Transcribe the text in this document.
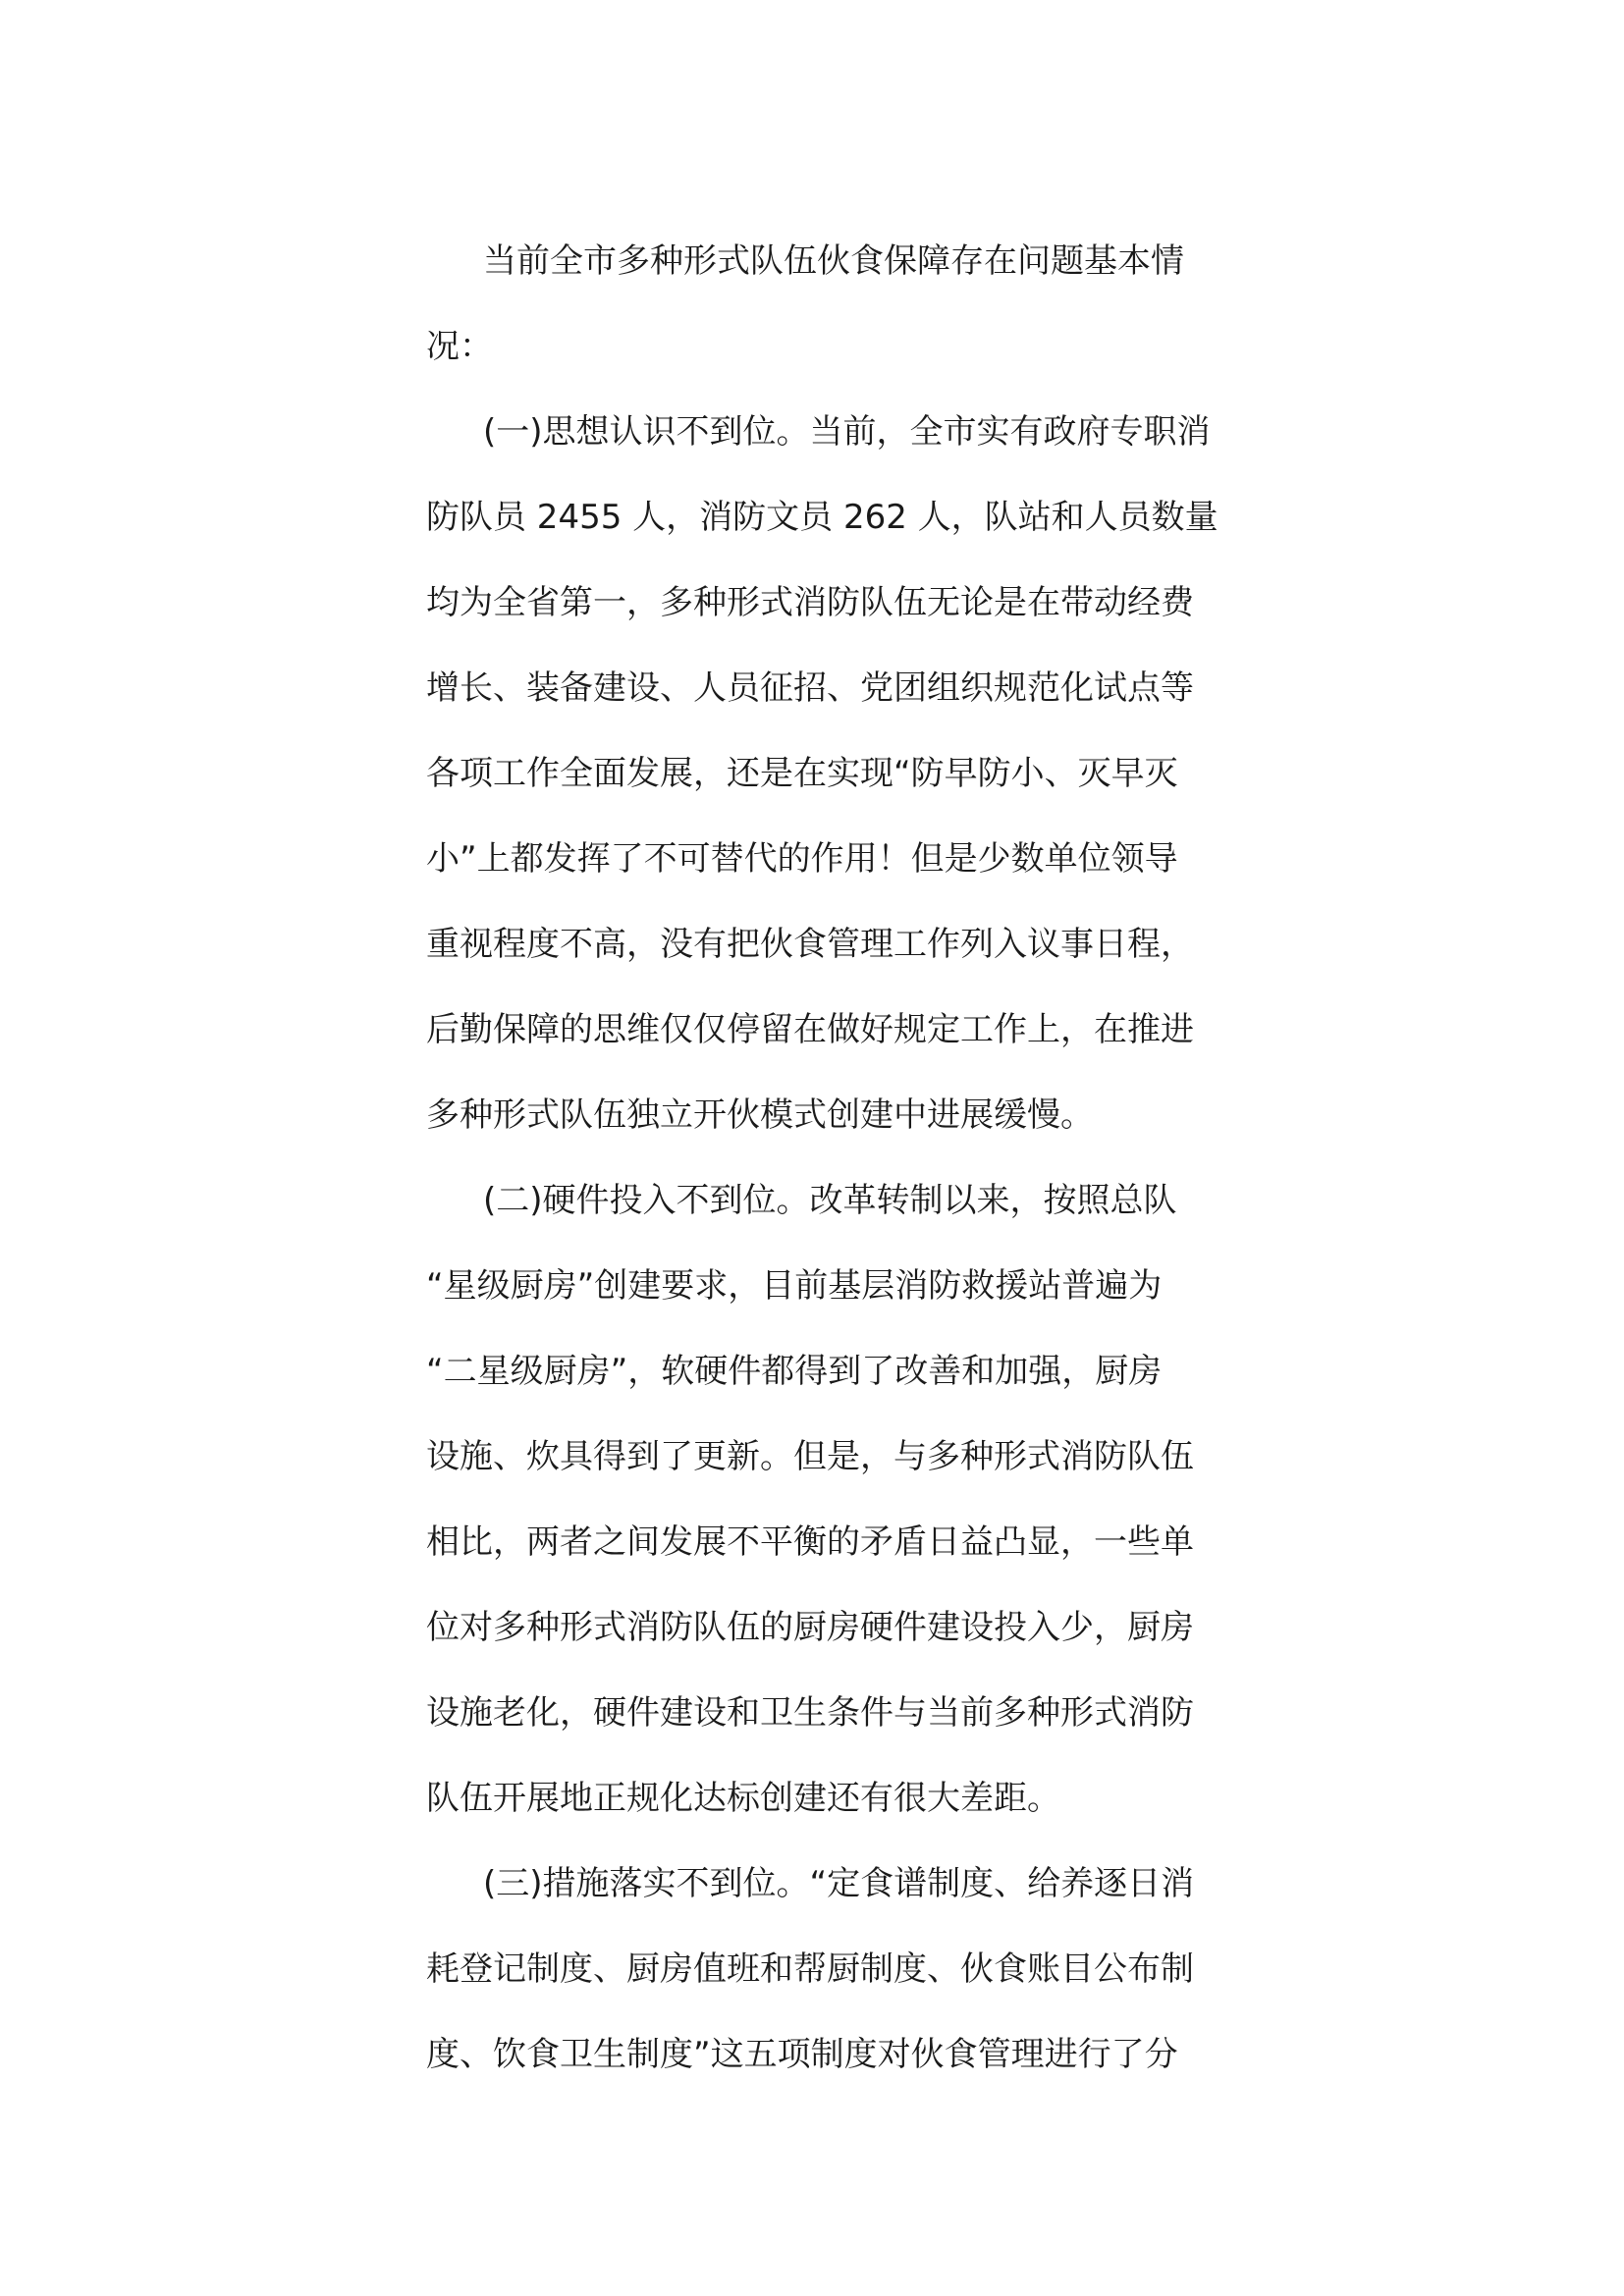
当前全市多种形式队伍伙食保障存在问题基本情
况：
(一)思想认识不到位。当前，全市实有政府专职消
防队员 2455 人，消防文员 262 人，队站和人员数量
均为全省第一，多种形式消防队伍无论是在带动经费
增长、装备建设、人员征招、党团组织规范化试点等
各项工作全面发展，还是在实现“防早防小、灭早灭
小”上都发挥了不可替代的作用！但是少数单位领导
重视程度不高，没有把伙食管理工作列入议事日程，
后勤保障的思维仅仅停留在做好规定工作上，在推进
多种形式队伍独立开伙模式创建中进展缓慢。
(二)硬件投入不到位。改革转制以来，按照总队
“星级厨房”创建要求，目前基层消防救援站普遍为
“二星级厨房”，软硬件都得到了改善和加强，厨房
设施、炊具得到了更新。但是，与多种形式消防队伍
相比，两者之间发展不平衡的矛盾日益凸显，一些单
位对多种形式消防队伍的厨房硬件建设投入少，厨房
设施老化，硬件建设和卫生条件与当前多种形式消防
队伍开展地正规化达标创建还有很大差距。
(三)措施落实不到位。“定食谱制度、给养逐日消
耗登记制度、厨房值班和帮厨制度、伙食账目公布制
度、饮食卫生制度”这五项制度对伙食管理进行了分
